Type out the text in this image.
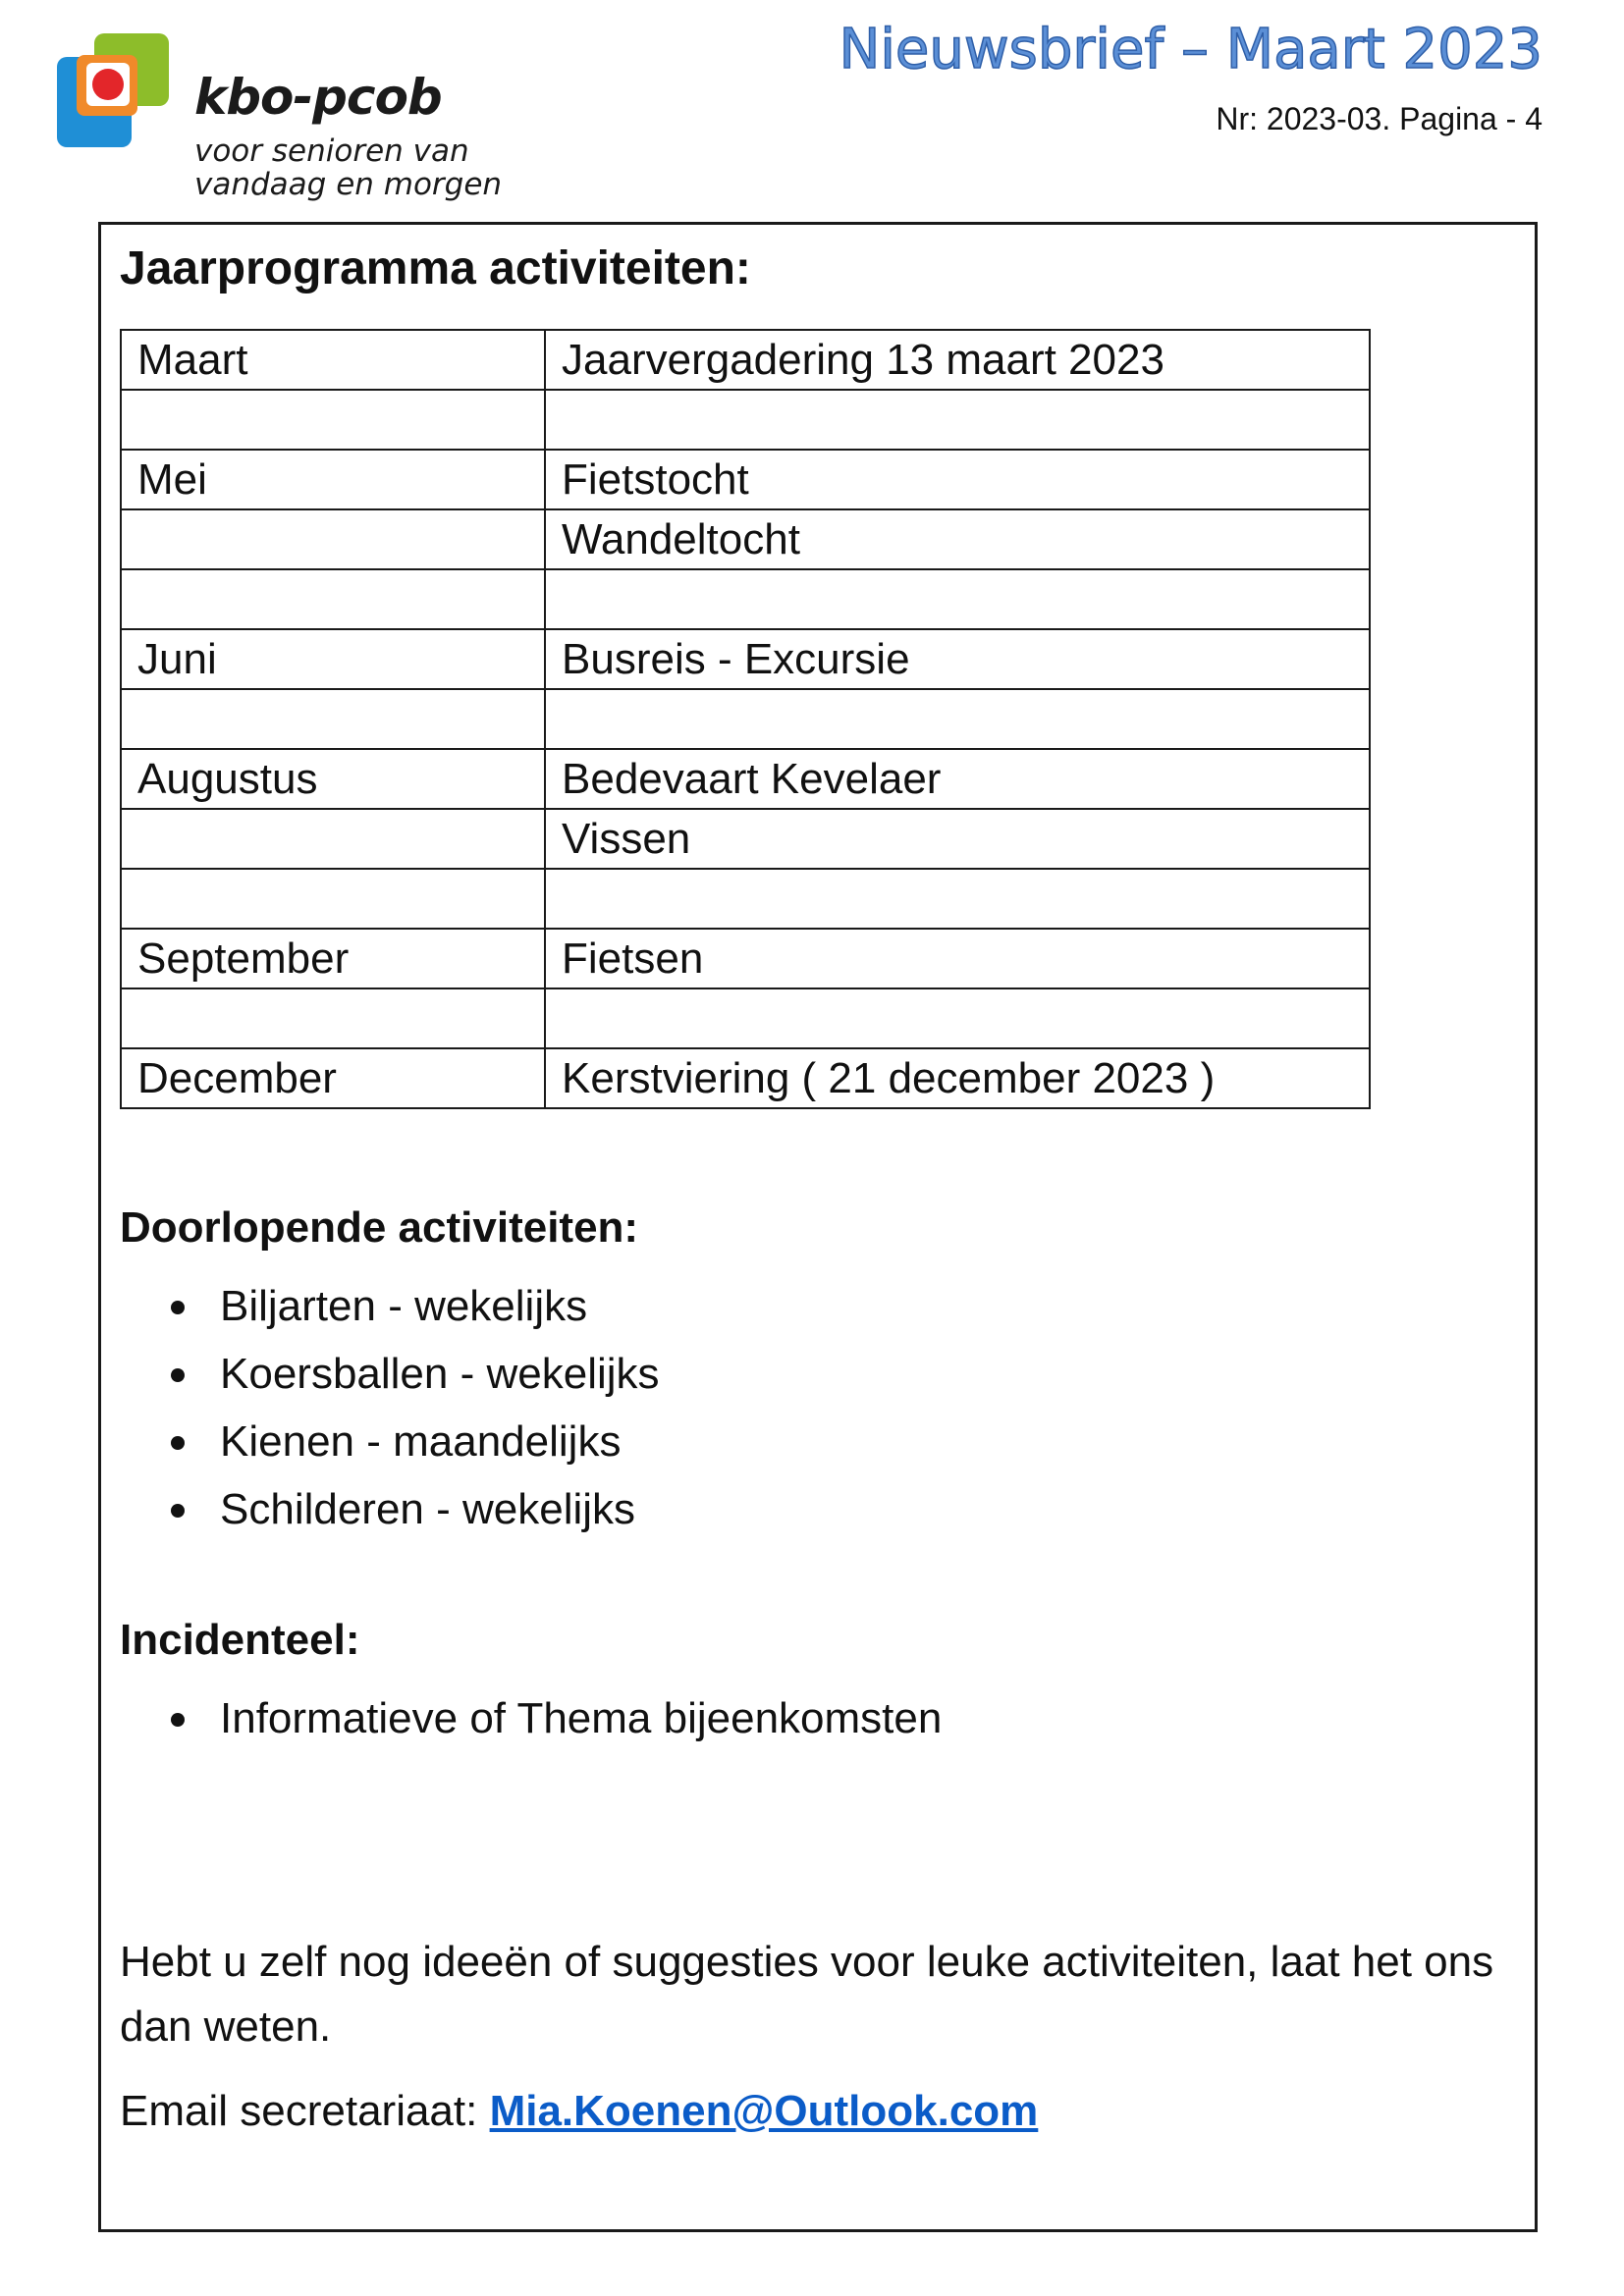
kbo-pcob
voor senioren van
vandaag en morgen
Nieuwsbrief – Maart 2023
Nr: 2023-03. Pagina - 4
Jaarprogramma activiteiten:
Maart	Jaarvergadering 13 maart 2023

Mei	Fietstocht
	Wandeltocht

Juni	Busreis - Excursie

Augustus	Bedevaart Kevelaer
	Vissen

September	Fietsen

December	Kerstviering ( 21 december 2023 )
Doorlopende activiteiten:
Biljarten - wekelijks
Koersballen - wekelijks
Kienen - maandelijks
Schilderen - wekelijks
Incidenteel:
Informatieve of Thema bijeenkomsten
Hebt u zelf nog ideeën of suggesties voor leuke activiteiten, laat het ons dan weten.
Email secretariaat: Mia.Koenen@Outlook.com
